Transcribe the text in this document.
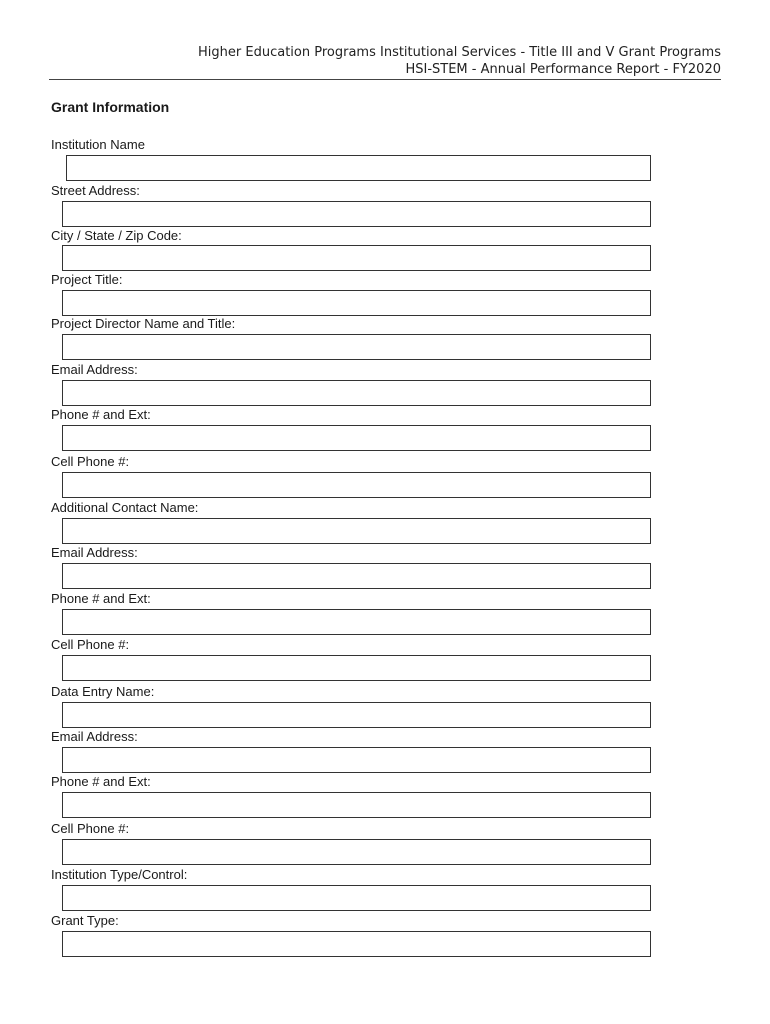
Higher Education Programs Institutional Services - Title III and V Grant Programs
HSI-STEM - Annual Performance Report - FY2020
Grant Information
Institution Name
Street Address:
City / State / Zip Code:
Project Title:
Project Director Name and Title:
Email Address:
Phone # and Ext:
Cell Phone #:
Additional Contact Name:
Email Address:
Phone # and Ext:
Cell Phone #:
Data Entry Name:
Email Address:
Phone # and Ext:
Cell Phone #:
Institution Type/Control:
Grant Type:
